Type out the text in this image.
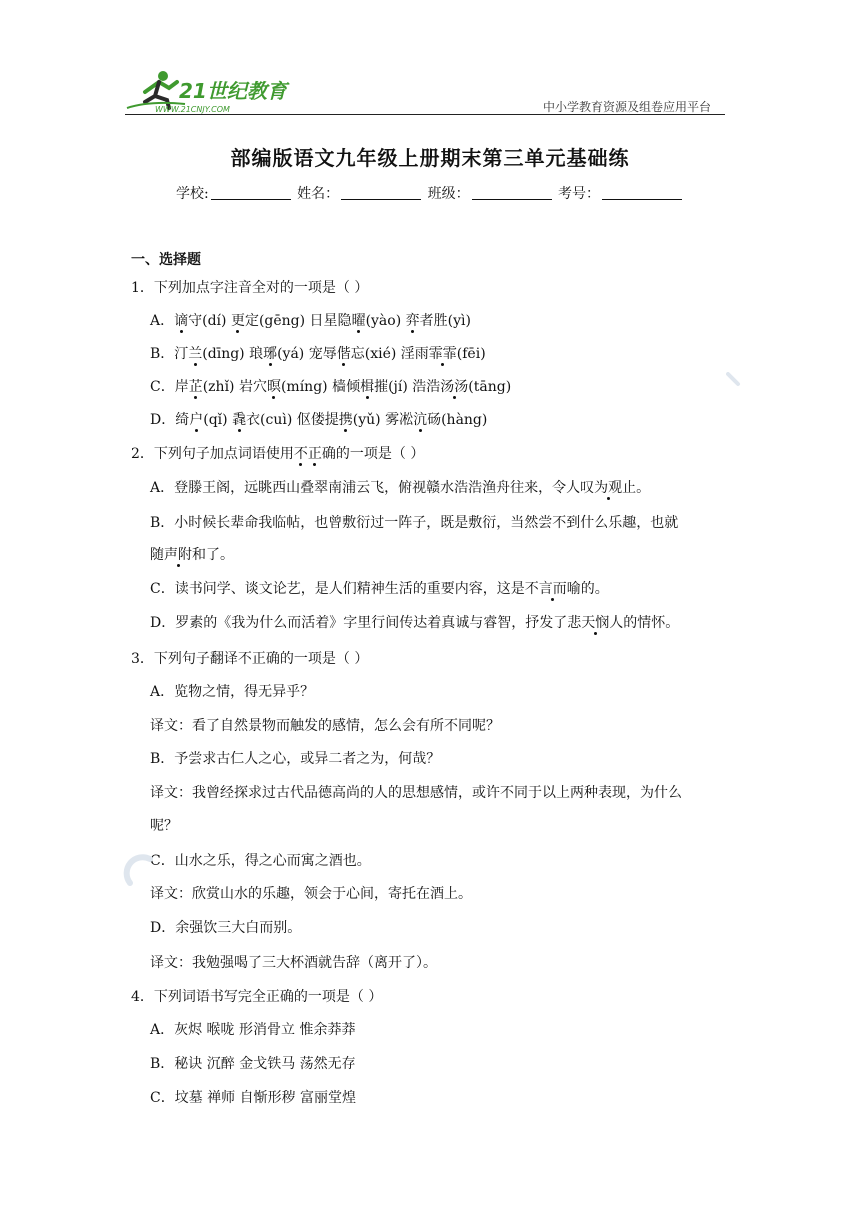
21世纪教育
WWW.21CNJY.COM	中小学教育资源及组卷应用平台
部编版语文九年级上册期末第三单元基础练
学校:	姓名：	班级：	考号：
一、选择题
1．下列加点字注音全对的一项是（ ）
A．谪守(dí) 更定(gēng) 日星隐曜(yào) 弈者胜(yì)
B．汀兰(dīng) 琅琊(yá) 宠辱偕忘(xié) 淫雨霏霏(fēi)
C．岸芷(zhǐ) 岩穴暝(míng) 樯倾楫摧(jí) 浩浩汤汤(tāng)
D．绮户(qǐ) 毳衣(cuì) 伛偻提携(yǔ) 雾凇沆砀(hàng)
2．下列句子加点词语使用不正确的一项是（ ）
A．登滕王阁，远眺西山叠翠南浦云飞，俯视赣水浩浩渔舟往来，令人叹为观止。
B．小时候长辈命我临帖，也曾敷衍过一阵子，既是敷衍，当然尝不到什么乐趣，也就
随声附和了。
C．读书问学、谈文论艺，是人们精神生活的重要内容，这是不言而喻的。
D．罗素的《我为什么而活着》字里行间传达着真诚与睿智，抒发了悲天悯人的情怀。
3．下列句子翻译不正确的一项是（ ）
A．览物之情，得无异乎？
译文：看了自然景物而触发的感情，怎么会有所不同呢？
B．予尝求古仁人之心，或异二者之为，何哉？
译文：我曾经探求过古代品德高尚的人的思想感情，或许不同于以上两种表现，为什么
呢？
C．山水之乐，得之心而寓之酒也。
译文：欣赏山水的乐趣，领会于心间，寄托在酒上。
D．余强饮三大白而别。
译文：我勉强喝了三大杯酒就告辞（离开了）。
4．下列词语书写完全正确的一项是（ ）
A．灰烬 喉咙 形消骨立 惟余莽莽
B．秘诀 沉醉 金戈铁马 荡然无存
C．坟墓 禅师 自惭形秽 富丽堂煌
